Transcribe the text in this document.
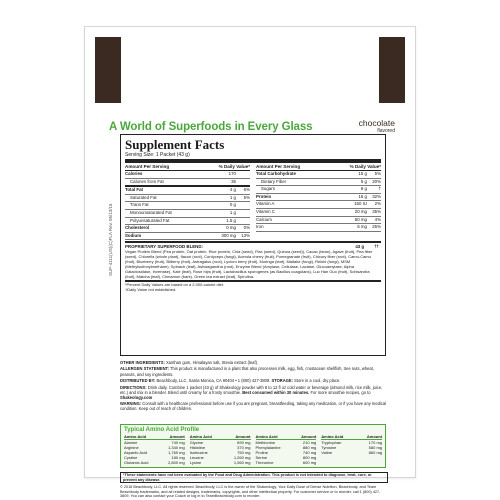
A World of Superfoods in Every Glass	chocolate
flavored
SUP-4111(US)(C)FLA Rev. 06/13/16
Supplement Facts
Serving Size: 1 Packet (43 g)
Amount Per Serving	% Daily Value*
Calories	170
Calories from Fat	35
Total Fat	4 g	6%
Saturated Fat	1 g	5%
Trans Fat	0 g
Monounsaturated Fat	1 g
Polyunsaturated Fat	1.5 g
Cholesterol	0 mg	0%
Sodium	300 mg	13%
Amount Per Serving	% Daily Value*
Total Carbohydrate	15 g	5%
Dietary Fiber	5 g	20%
Sugars	8 g	†
Protein	16 g	32%
Vitamin A	150 IU	2%
Vitamin C	20 mg	35%
Calcium	50 mg	4%
Iron	5 mg	25%
PROPRIETARY SUPERFOOD BLEND:	43 g ††
Vegan Protein Blend (Pea protein, Oat protein, Rice protein, Chia (seed), Flax (seed), Quinoa (seed)), Cacao (bean), Agave (fruit), Pea fiber (seed), Chlorella (whole plant), flacon (root), Cordyceps (fungi), Acerola cherry (fruit), Pomegranate (fruit), Chicory fiber (root), Camu-Camu (fruit), Blueberry (fruit), Bilberry (fruit), Astragalus (root), Lycium berry (fruit), Moringa (leaf), Maitake (fungi), Reishi (fungi), MSM (Methylsulfonylmethane), Spinach (leaf), Ashwagandha (root), Enzyme Blend (Amylase, Cellulase, Lactase, Glucoamylase, Alpha Galactosidase, Invertase), Kale (leaf), Rose hips (fruit), Lactobacillus sporogenes (as Bacillus coagulans), Luo Han Guo (fruit), Schisandra (fruit), Matcha (leaf), Cinnamon (bark), Green tea extract (leaf), Spirulina.
*Percent Daily Values are based on a 2,000-calorie diet.
†Daily Value not established.

OTHER INGREDIENTS: Xanthan gum, Himalayan salt, Stevia extract (leaf).

ALLERGEN STATEMENT: This product is manufactured in a plant that also processes milk, egg, fish, crustacean shellfish, tree nuts, wheat, peanuts, and soy ingredients.

DISTRIBUTED BY: Beachbody, LLC, Santa Monica, CA 90404 • 1 (800) 427-3809. STORAGE: Store in a cool, dry place.

DIRECTIONS: Drink daily. Combine 1 packet (43 g) of Shakeology powder with 8 to 12 fl oz cold water or beverage (almond milk, rice milk, juice, etc.) and mix in a blender. Blend until creamy for a frosty smoothie. Best consumed within 30 minutes. For more smoothie recipes, go to Shakeology.com

WARNING: Consult with a healthcare professional before use if you are pregnant, breastfeeding, taking any medication, or if you have any medical condition. Keep out of reach of children.

Typical Amino Acid Profile
Amino Acid	Amount
Alanine	740 mg
Arginine	1,340 mg
Aspartic Acid	1,760 mg
Cystine	180 mg
Glutamic Acid	2,800 mg
Amino Acid	Amount
Glycine	690 mg
Histidine	370 mg
Isoleucine	750 mg
Leucine	1,260 mg
Lysine	1,060 mg
Amino Acid	Amount
Methionine	210 mg
Phenylalanine	880 mg
Proline	740 mg
Serine	800 mg
Threonine	600 mg
Amino Acid	Amount
Tryptophan	170 mg
Tyrosine	580 mg
Valine	860 mg
*These statements have not been evaluated by the Food and Drug Administration. This product is not intended to diagnose, treat, cure, or prevent any disease.
© 2016 Beachbody, LLC. All rights reserved. Beachbody, LLC is the owner of the Shakeology, Your Daily Dose of Dense Nutrition, Beachbody, and Team Beachbody trademarks, and all related designs, trademarks, copyrights, and other intellectual property. For customer service or to reorder, call 1 (800) 427-3809. You can also contact your Coach or log in to TeamBeachbody.com to reorder.
